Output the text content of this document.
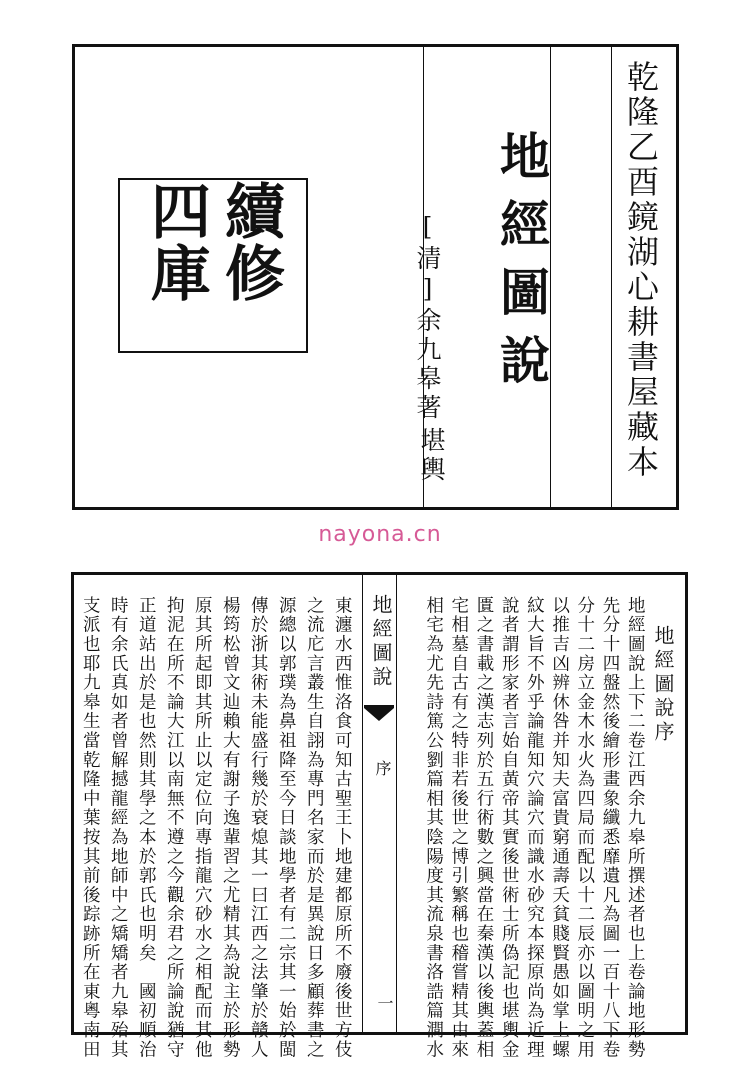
續修四庫	乾隆乙酉鏡湖心耕書屋藏本
地經圖說
[清]余九皋著
堪輿
nayona.cn
地經圖說
序
一
地經圖說序
地經圖說上下二卷江西余九皋所撰述者也上卷論地形勢
先分十四盤然後繪形畫象纖悉靡遺凡為圖一百十八下卷
分十二房立金木水火為四局而配以十二辰亦以圖明之用
以推吉凶辨休咎并知夫富貴窮通壽夭貧賤賢愚如掌上螺
紋大旨不外乎論龍知穴論穴而識水砂究本探原尚為近理
說者謂形家者言始自黃帝其實後世術士所偽記也堪輿金
匱之書載之漢志列於五行術數之興當在秦漢以後輿蓋相
宅相墓自古有之特非若後世之博引繁稱也稽嘗精其由來
相宅為尤先詩篤公劉篇相其陰陽度其流泉書洛誥篇澗水
東瀍水西惟洛食可知古聖王卜地建都原所不廢後世方伎
之流庀言叢生自詡為專門名家而於是異說日多顧葬書之
源總以郭璞為鼻祖降至今日談地學者有二宗其一始於閩
傳於浙其術未能盛行幾於衰熄其一曰江西之法肇於贛人
楊筠松曾文辿賴大有謝子逸輩習之尤精其為說主於形勢
原其所起即其所止以定位向專指龍穴砂水之相配而其他
拘泥在所不論大江以南無不遵之今觀余君之所論說猶守
正道站出於是也然則其學之本於郭氏也明矣　國初順治
時有余氏真如者曾解撼龍經為地師中之矯矯者九皋殆其
支派也耶九皋生當乾隆中葉按其前後踪跡所在東粵南田
